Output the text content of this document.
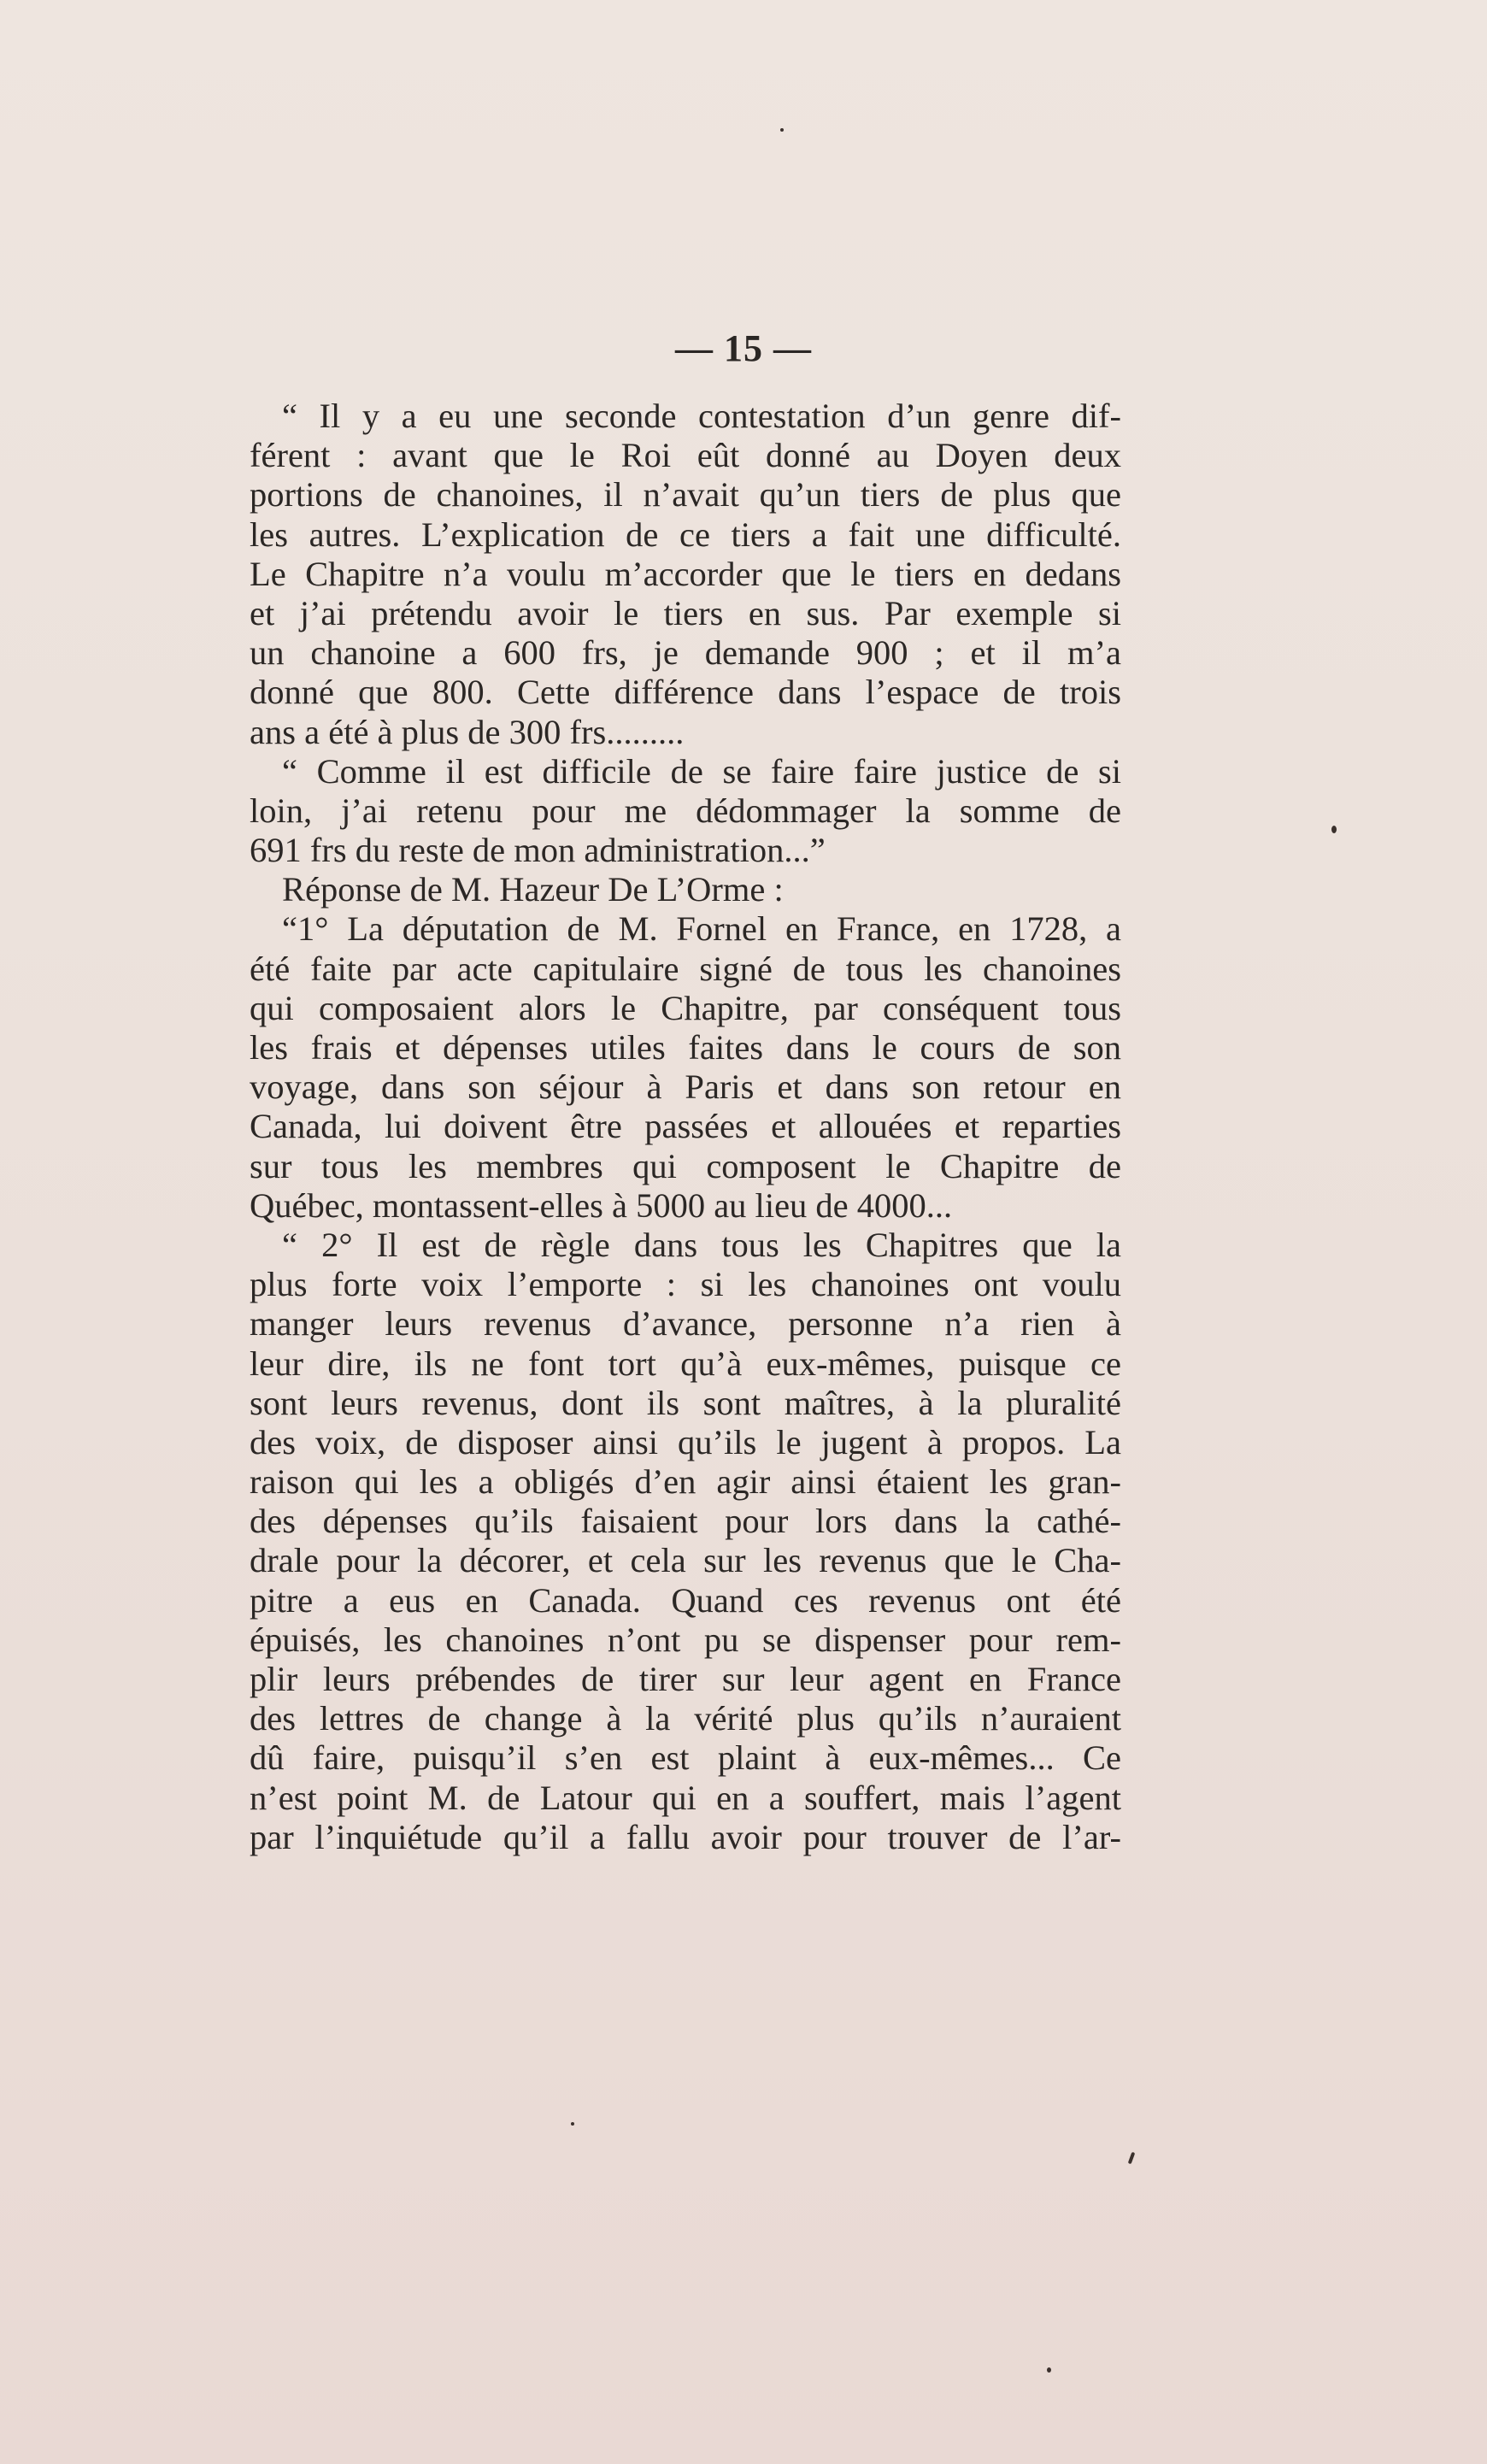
— 15 —
“ Il y a eu une seconde contestation d’un genre dif-
férent : avant que le Roi eût donné au Doyen deux
portions de chanoines, il n’avait qu’un tiers de plus que
les autres. L’explication de ce tiers a fait une difficulté.
Le Chapitre n’a voulu m’accorder que le tiers en dedans
et j’ai prétendu avoir le tiers en sus. Par exemple si
un chanoine a 600 frs, je demande 900 ; et il m’a
donné que 800. Cette différence dans l’espace de trois
ans a été à plus de 300 frs.........
“ Comme il est difficile de se faire faire justice de si
loin, j’ai retenu pour me dédommager la somme de
691 frs du reste de mon administration...”
Réponse de M. Hazeur De L’Orme :
“1° La députation de M. Fornel en France, en 1728, a
été faite par acte capitulaire signé de tous les chanoines
qui composaient alors le Chapitre, par conséquent tous
les frais et dépenses utiles faites dans le cours de son
voyage, dans son séjour à Paris et dans son retour en
Canada, lui doivent être passées et allouées et reparties
sur tous les membres qui composent le Chapitre de
Québec, montassent-elles à 5000 au lieu de 4000...
“ 2° Il est de règle dans tous les Chapitres que la
plus forte voix l’emporte : si les chanoines ont voulu
manger leurs revenus d’avance, personne n’a rien à
leur dire, ils ne font tort qu’à eux-mêmes, puisque ce
sont leurs revenus, dont ils sont maîtres, à la pluralité
des voix, de disposer ainsi qu’ils le jugent à propos. La
raison qui les a obligés d’en agir ainsi étaient les gran-
des dépenses qu’ils faisaient pour lors dans la cathé-
drale pour la décorer, et cela sur les revenus que le Cha-
pitre a eus en Canada. Quand ces revenus ont été
épuisés, les chanoines n’ont pu se dispenser pour rem-
plir leurs prébendes de tirer sur leur agent en France
des lettres de change à la vérité plus qu’ils n’auraient
dû faire, puisqu’il s’en est plaint à eux-mêmes... Ce
n’est point M. de Latour qui en a souffert, mais l’agent
par l’inquiétude qu’il a fallu avoir pour trouver de l’ar-
